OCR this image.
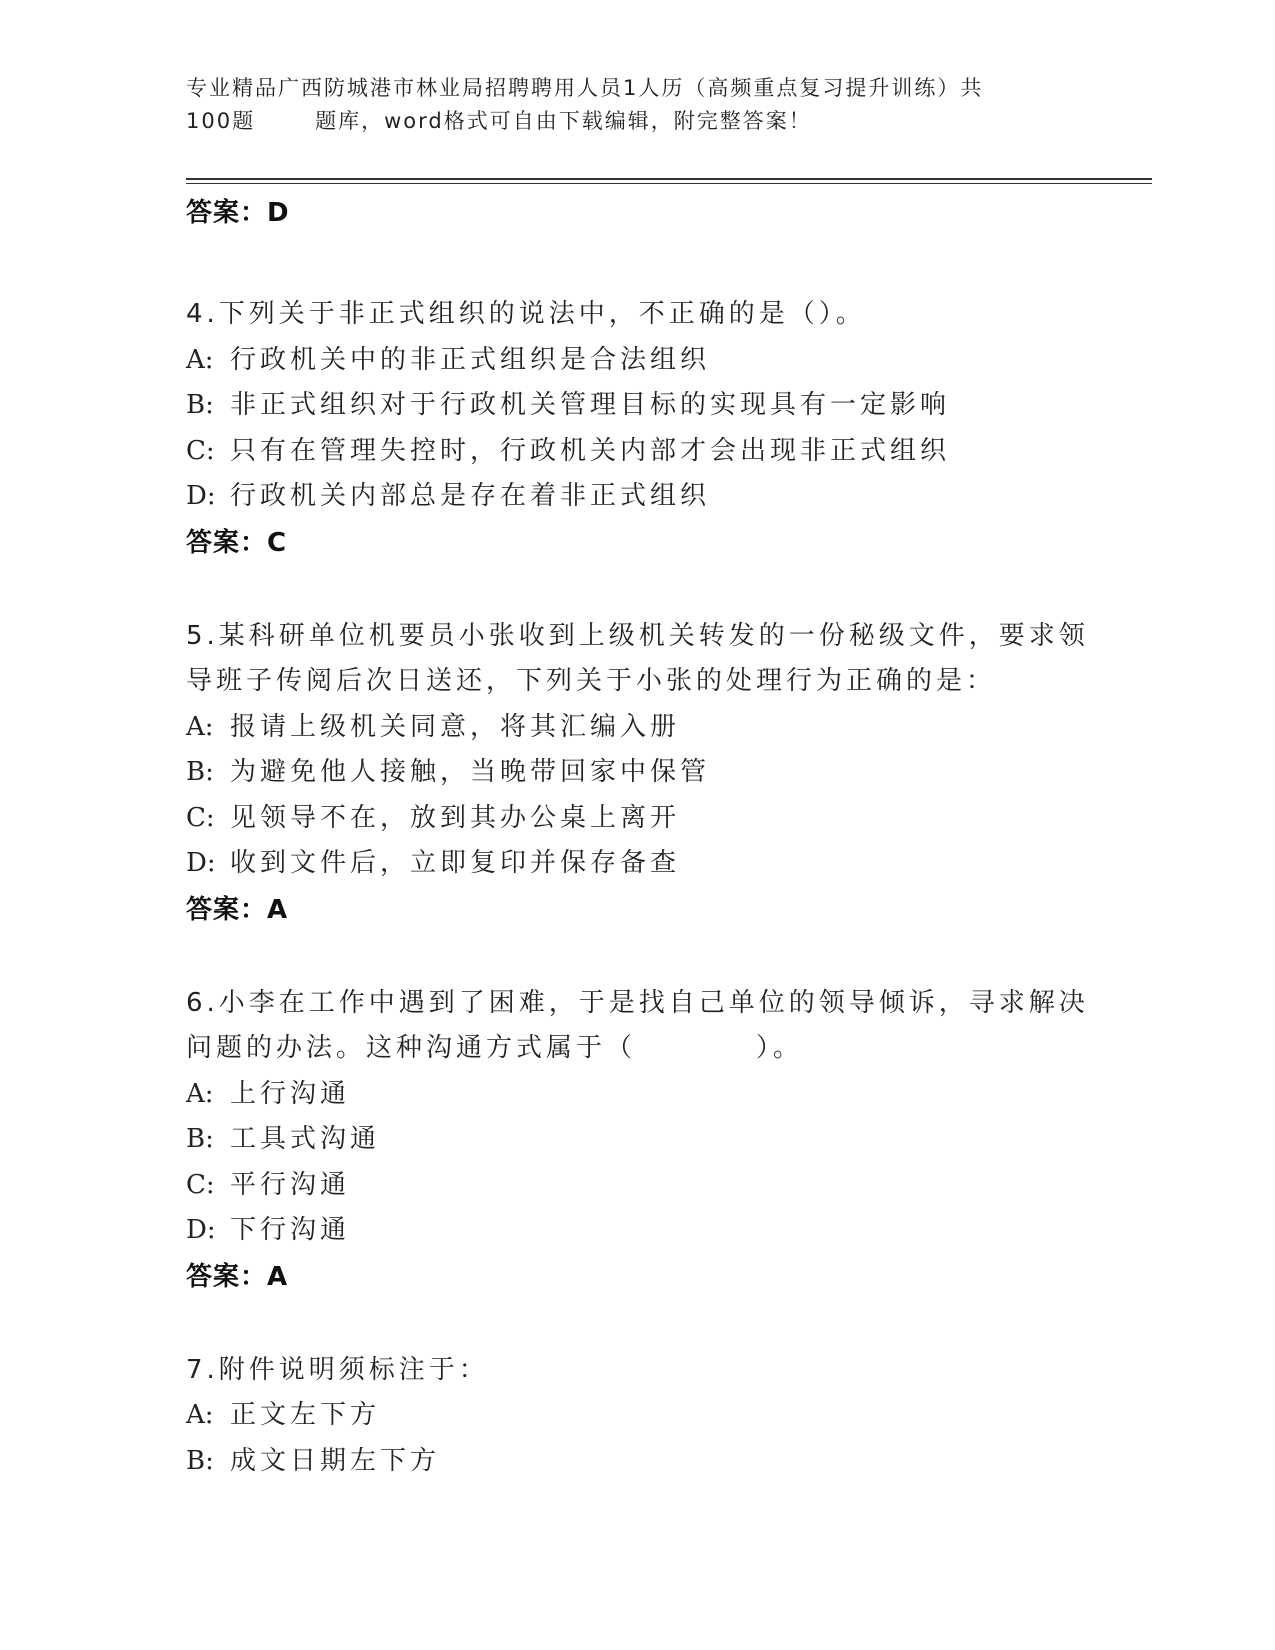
专业精品广西防城港市林业局招聘聘用人员1人历（高频重点复习提升训练）共
100题	题库，word格式可自由下载编辑，附完整答案！
答案：D
4.下列关于非正式组织的说法中，不正确的是（）。
A: 行政机关中的非正式组织是合法组织
B: 非正式组织对于行政机关管理目标的实现具有一定影响
C: 只有在管理失控时，行政机关内部才会出现非正式组织
D: 行政机关内部总是存在着非正式组织
答案：C
5.某科研单位机要员小张收到上级机关转发的一份秘级文件，要求领
导班子传阅后次日送还，下列关于小张的处理行为正确的是：
A: 报请上级机关同意，将其汇编入册
B: 为避免他人接触，当晚带回家中保管
C: 见领导不在，放到其办公桌上离开
D: 收到文件后，立即复印并保存备查
答案：A
6.小李在工作中遇到了困难，于是找自己单位的领导倾诉，寻求解决
问题的办法。这种沟通方式属于（	）。
A: 上行沟通
B: 工具式沟通
C: 平行沟通
D: 下行沟通
答案：A
7.附件说明须标注于：
A: 正文左下方
B: 成文日期左下方
